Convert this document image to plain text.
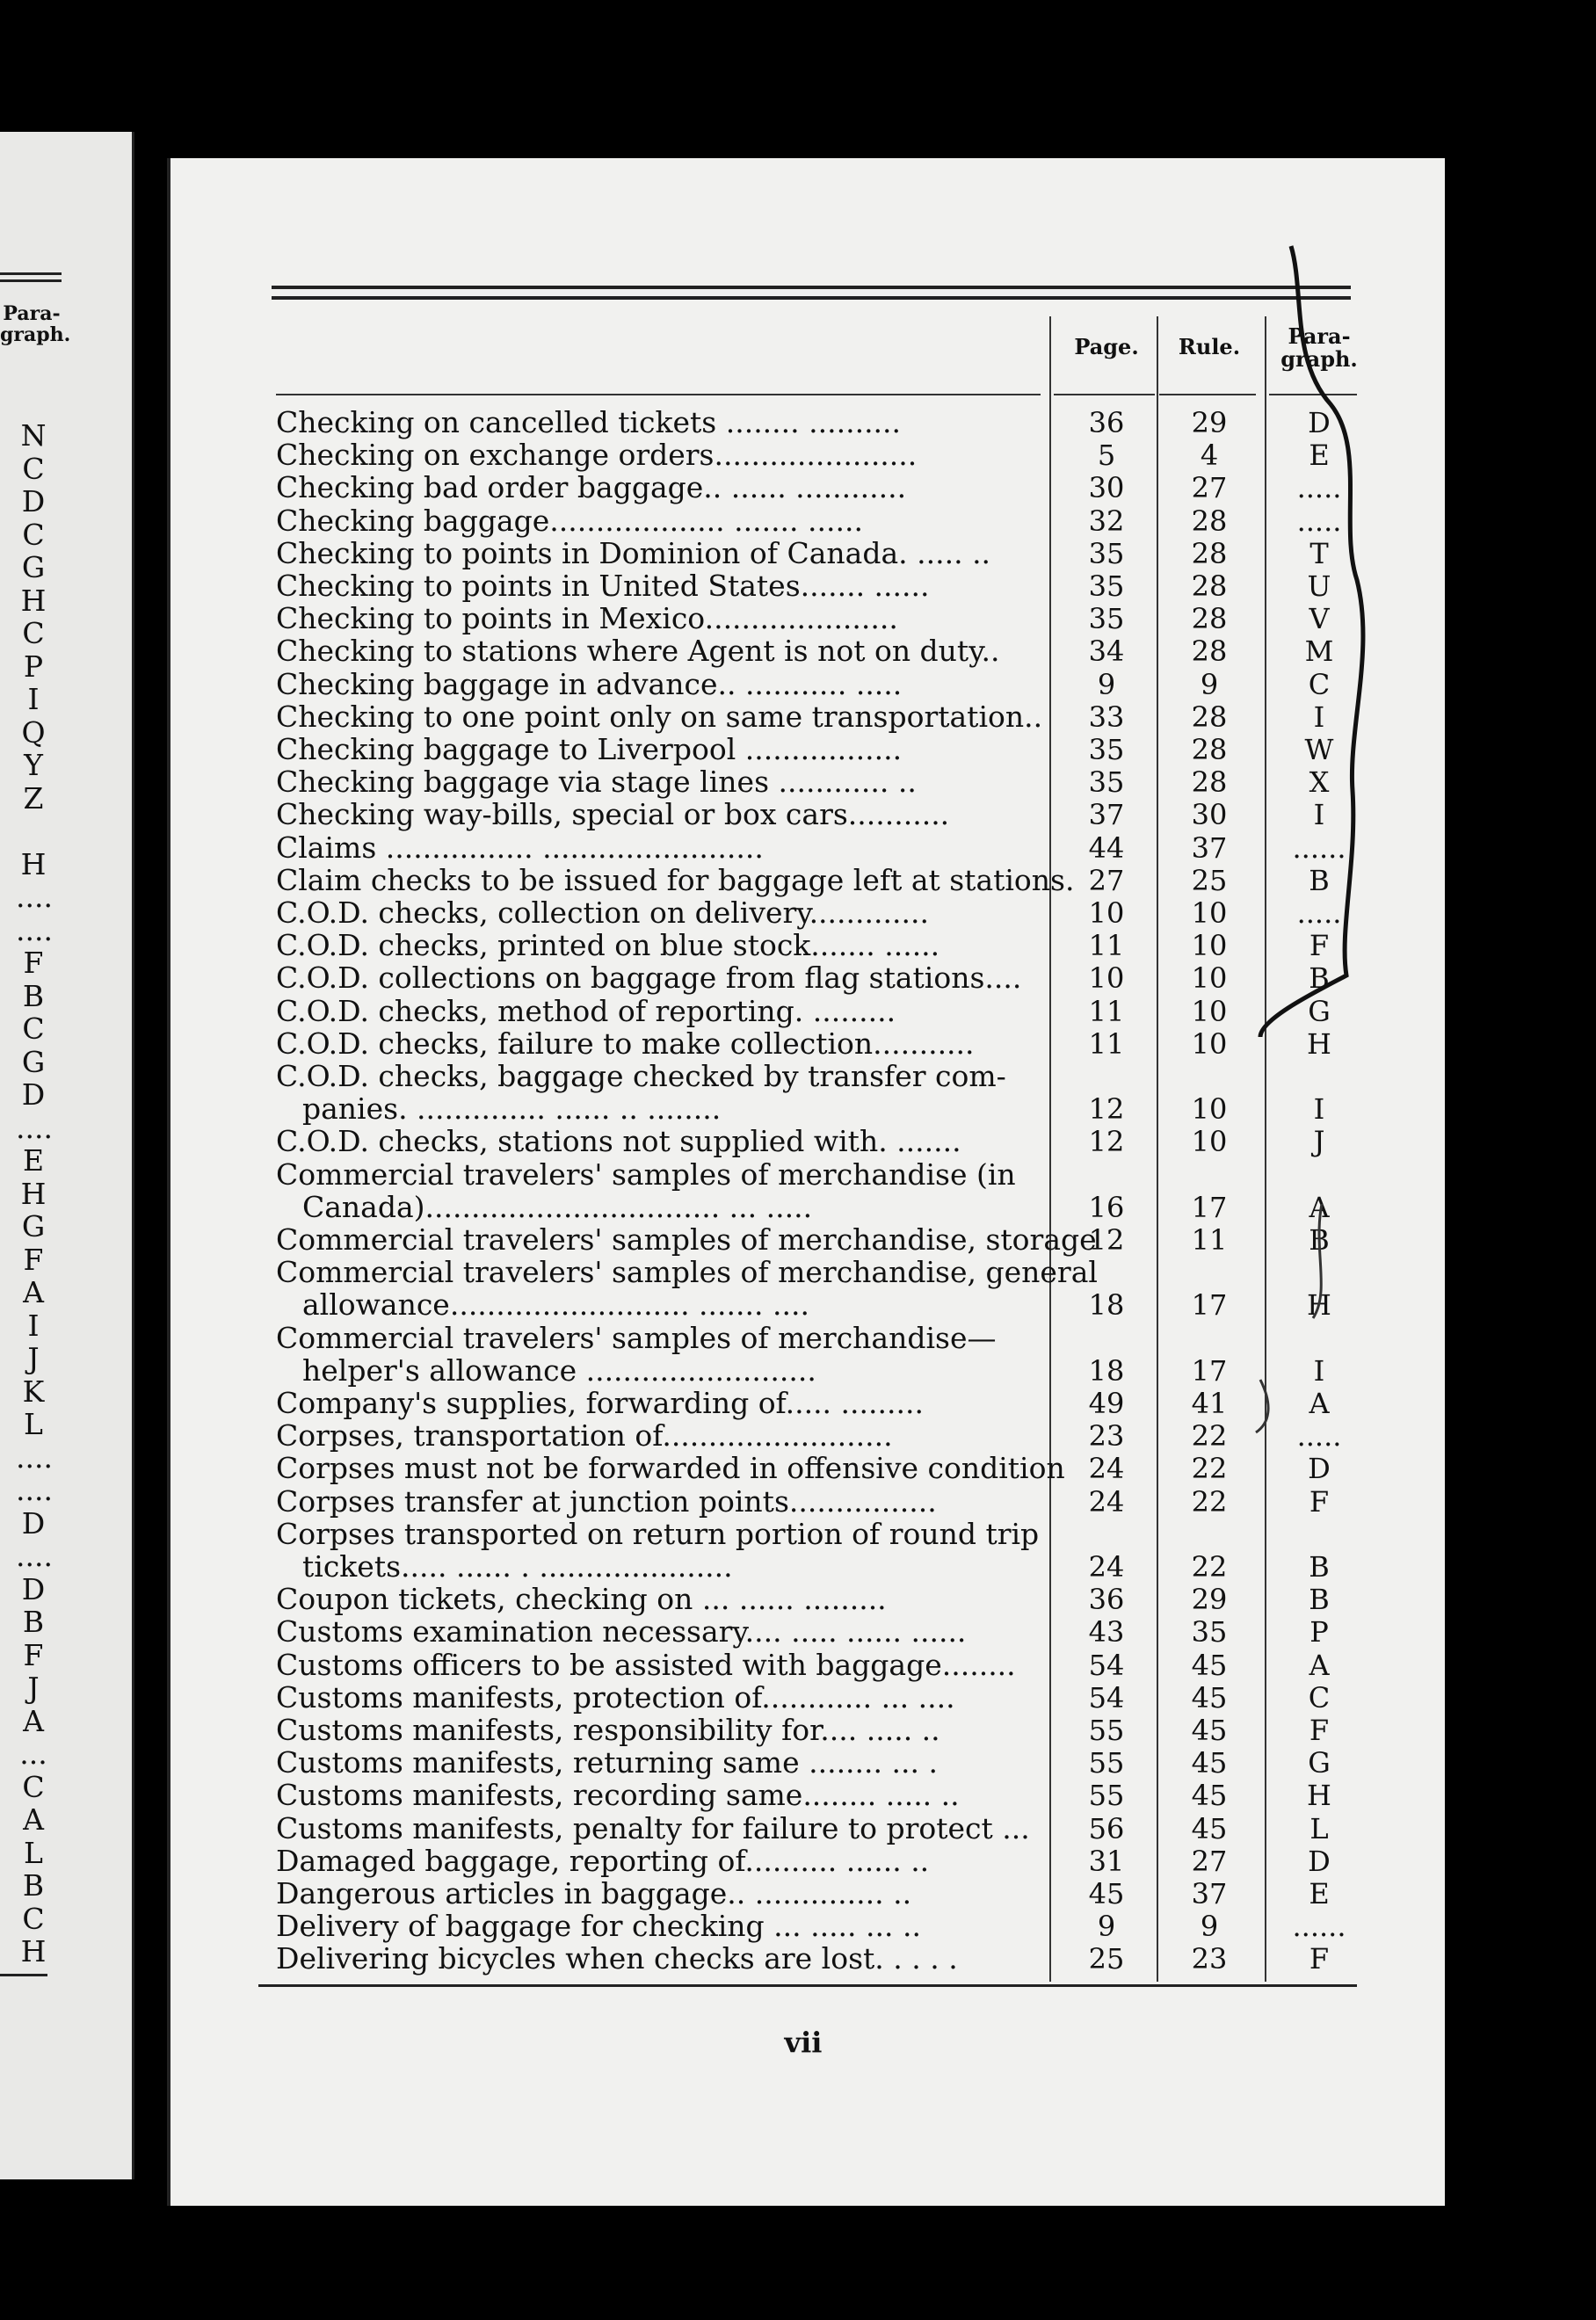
Para-
graph.
N
C
D
C
G
H
C
P
I
Q
Y
Z
H
....
....
F
B
C
G
D
....
E
H
G
F
A
I
J
K
L
....
....
D
....
D
B
F
J
A
...
C
A
L
B
C
H
Page.	Rule.	Para-
graph.
Checking on cancelled tickets ........ ..........	36	29	D
Checking on exchange orders......................	5	4	E
Checking bad order baggage.. ...... ............	30	27	.....
Checking baggage................... ....... ......	32	28	.....
Checking to points in Dominion of Canada. ..... ..	35	28	T
Checking to points in United States....... ......	35	28	U
Checking to points in Mexico.....................	35	28	V
Checking to stations where Agent is not on duty..	34	28	M
Checking baggage in advance.. ........... .....	9	9	C
Checking to one point only on same transportation..	33	28	I
Checking baggage to Liverpool .................	35	28	W
Checking baggage via stage lines ............ ..	35	28	X
Checking way-bills, special or box cars...........	37	30	I
Claims ................ ........................	44	37	......
Claim checks to be issued for baggage left at stations. 27	25	B
C.O.D. checks, collection on delivery.............	10	10	.....
C.O.D. checks, printed on blue stock....... ......	11	10	F
C.O.D. collections on baggage from flag stations....	10	10	B
C.O.D. checks, method of reporting. .........	11	10	G
C.O.D. checks, failure to make collection...........	11	10	H
C.O.D. checks, baggage checked by transfer com-
panies. .............. ...... .. ........	12	10	I
C.O.D. checks, stations not supplied with. .......	12	10	J
Commercial travelers' samples of merchandise (in
Canada)................................ ... .....	16	17	A
Commercial travelers' samples of merchandise, storage
12	11	B
Commercial travelers' samples of merchandise, general
allowance.......................... ....... ....	18	17	H
Commercial travelers' samples of merchandise—
helper's allowance .........................	18	17	I
Company's supplies, forwarding of..... .........	49	41	A
Corpses, transportation of.........................	23	22	.....
Corpses must not be forwarded in offensive condition 24	22	D
Corpses transfer at junction points................	24	22	F
Corpses transported on return portion of round trip
tickets..... ...... . .....................	24	22	B
Coupon tickets, checking on ... ...... .........	36	29	B
Customs examination necessary.... ..... ...... ......	43	35	P
Customs officers to be assisted with baggage........	54	45	A
Customs manifests, protection of............ ... ....	54	45	C
Customs manifests, responsibility for.... ..... ..	55	45	F
Customs manifests, returning same ........ ... .	55	45	G
Customs manifests, recording same........ ..... ..	55	45	H
Customs manifests, penalty for failure to protect ...	56	45	L
Damaged baggage, reporting of.......... ...... ..	31	27	D
Dangerous articles in baggage.. .............. ..	45	37	E
Delivery of baggage for checking ... ..... ... ..	9	9	......
Delivering bicycles when checks are lost. . . . .	25	23	F
vii
